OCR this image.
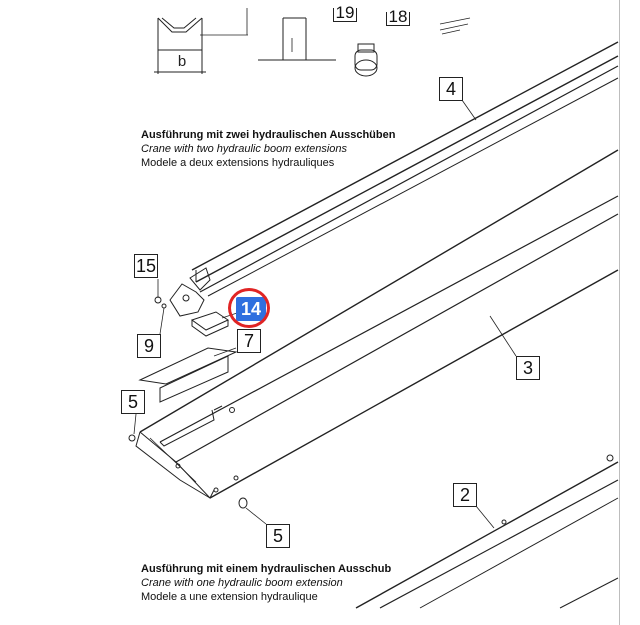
b
19 18
4
15
9	7
3
5
5
2
14
Ausführung mit zwei hydraulischen Ausschüben
Crane with two hydraulic boom extensions
Modele a deux extensions hydrauliques
Ausführung mit einem hydraulischen Ausschub
Crane with one hydraulic boom extension
Modele a une extension hydraulique
